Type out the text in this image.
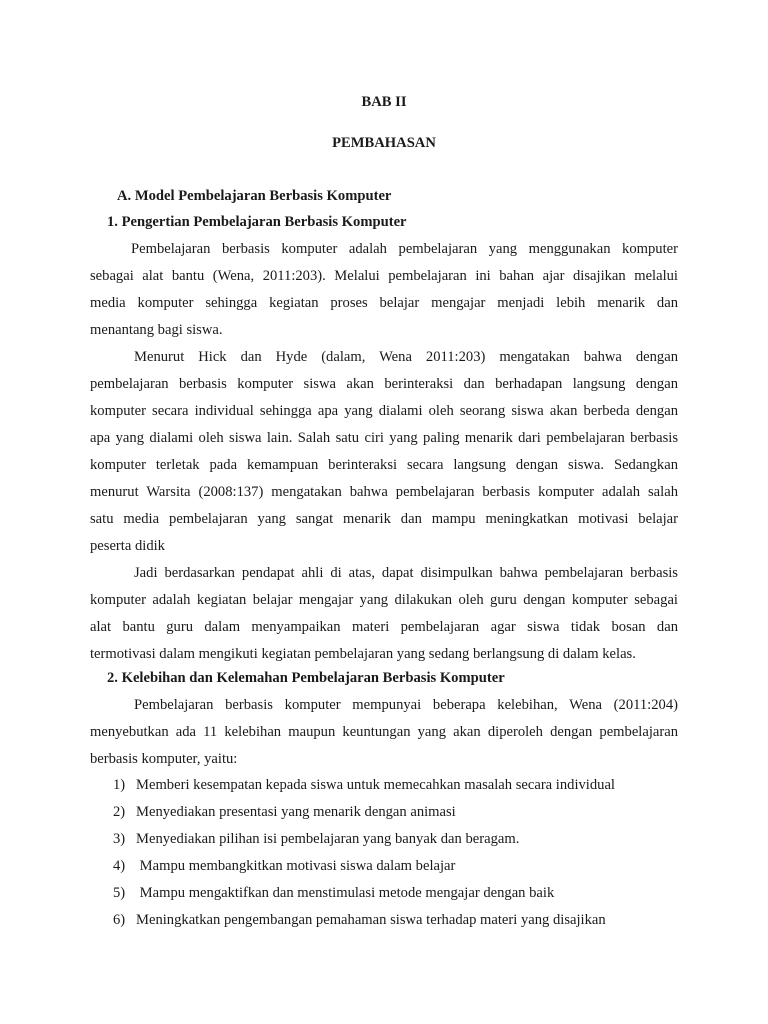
BAB II
PEMBAHASAN
A. Model Pembelajaran Berbasis Komputer
1. Pengertian Pembelajaran Berbasis Komputer
Pembelajaran berbasis komputer adalah pembelajaran yang menggunakan komputer
sebagai alat bantu (Wena, 2011:203). Melalui pembelajaran ini bahan ajar disajikan melalui
media komputer sehingga kegiatan proses belajar mengajar menjadi lebih menarik dan
menantang bagi siswa.
Menurut Hick dan Hyde (dalam, Wena 2011:203) mengatakan bahwa dengan
pembelajaran berbasis komputer siswa akan berinteraksi dan berhadapan langsung dengan
komputer secara individual sehingga apa yang dialami oleh seorang siswa akan berbeda dengan
apa yang dialami oleh siswa lain. Salah satu ciri yang paling menarik dari pembelajaran berbasis
komputer terletak pada kemampuan berinteraksi secara langsung dengan siswa. Sedangkan
menurut Warsita (2008:137) mengatakan bahwa pembelajaran berbasis komputer adalah salah
satu media pembelajaran yang sangat menarik dan mampu meningkatkan motivasi belajar
peserta didik
Jadi berdasarkan pendapat ahli di atas, dapat disimpulkan bahwa pembelajaran berbasis
komputer adalah kegiatan belajar mengajar yang dilakukan oleh guru dengan komputer sebagai
alat bantu guru dalam menyampaikan materi pembelajaran agar siswa tidak bosan dan
termotivasi dalam mengikuti kegiatan pembelajaran yang sedang berlangsung di dalam kelas.
2. Kelebihan dan Kelemahan Pembelajaran Berbasis Komputer
Pembelajaran berbasis komputer mempunyai beberapa kelebihan, Wena (2011:204)
menyebutkan ada 11 kelebihan maupun keuntungan yang akan diperoleh dengan pembelajaran
berbasis komputer, yaitu:
1) Memberi kesempatan kepada siswa untuk memecahkan masalah secara individual
2) Menyediakan presentasi yang menarik dengan animasi
3) Menyediakan pilihan isi pembelajaran yang banyak dan beragam.
4) Mampu membangkitkan motivasi siswa dalam belajar
5) Mampu mengaktifkan dan menstimulasi metode mengajar dengan baik
6) Meningkatkan pengembangan pemahaman siswa terhadap materi yang disajikan
